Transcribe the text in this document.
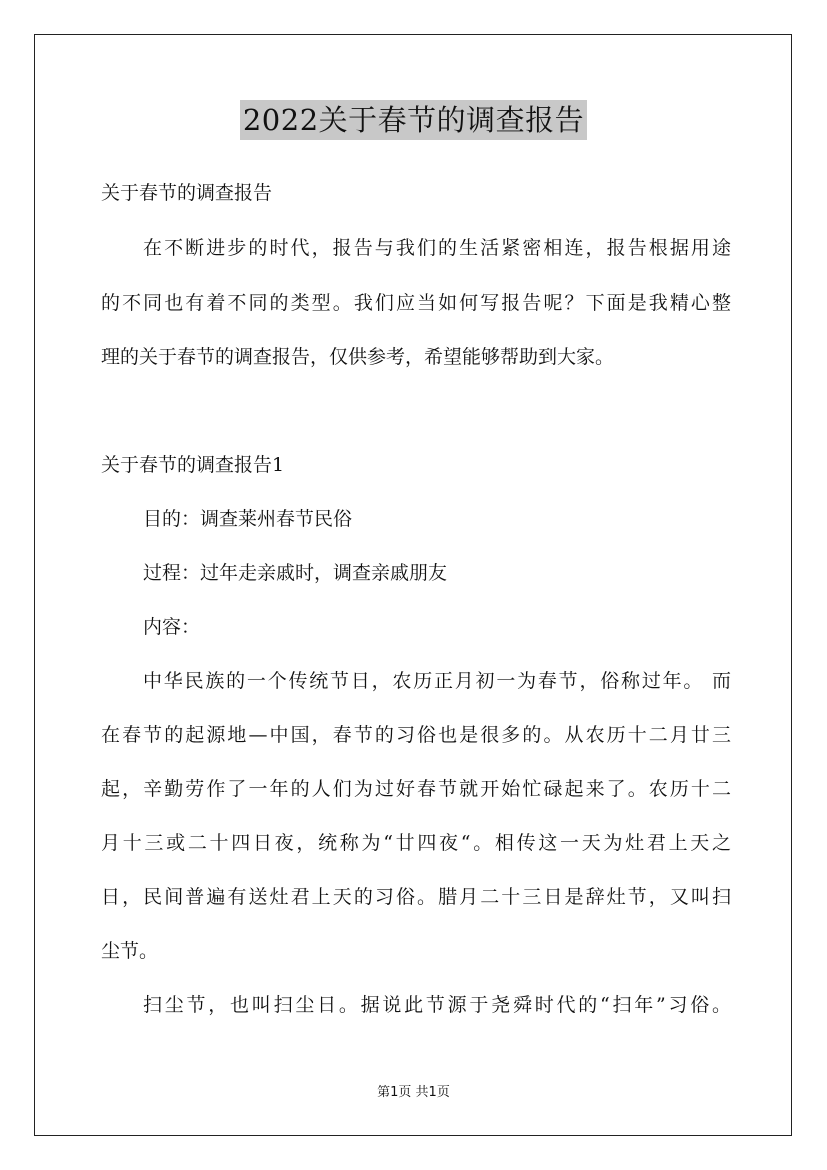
2022关于春节的调查报告
关于春节的调查报告
在不断进步的时代，报告与我们的生活紧密相连，报告根据用途
的不同也有着不同的类型。我们应当如何写报告呢？下面是我精心整
理的关于春节的调查报告，仅供参考，希望能够帮助到大家。
关于春节的调查报告1
目的：调查莱州春节民俗
过程：过年走亲戚时，调查亲戚朋友
内容：
中华民族的一个传统节日，农历正月初一为春节，俗称过年。 而
在春节的起源地—中国，春节的习俗也是很多的。从农历十二月廿三
起，辛勤劳作了一年的人们为过好春节就开始忙碌起来了。农历十二
月十三或二十四日夜，统称为“廿四夜“。相传这一天为灶君上天之
日，民间普遍有送灶君上天的习俗。腊月二十三日是辞灶节，又叫扫
尘节。
扫尘节，也叫扫尘日。据说此节源于尧舜时代的“扫年”习俗。
第1页 共1页
